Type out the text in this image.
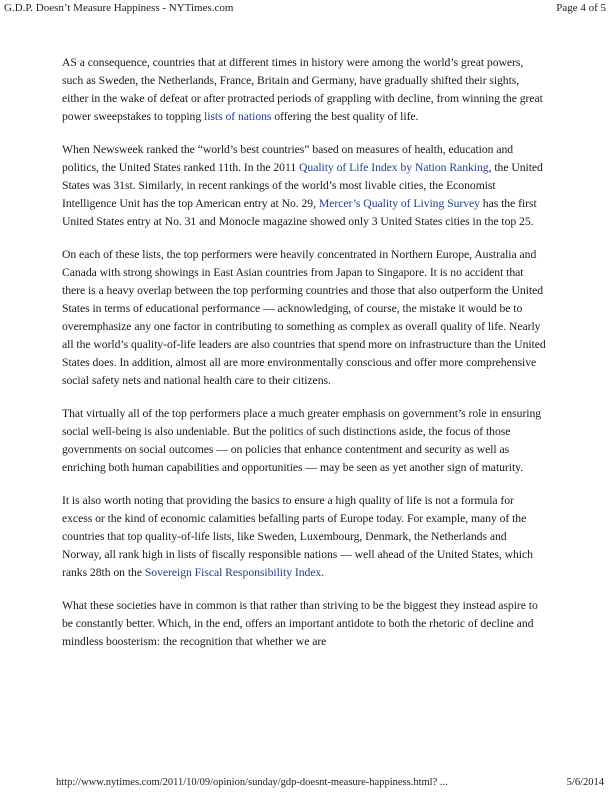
G.D.P. Doesn’t Measure Happiness - NYTimes.com	Page 4 of 5

AS a consequence, countries that at different times in history were among the world’s great powers, such as Sweden, the Netherlands, France, Britain and Germany, have gradually shifted their sights, either in the wake of defeat or after protracted periods of grappling with decline, from winning the great power sweepstakes to topping lists of nations offering the best quality of life.

When Newsweek ranked the “world’s best countries” based on measures of health, education and politics, the United States ranked 11th. In the 2011 Quality of Life Index by Nation Ranking, the United States was 31st. Similarly, in recent rankings of the world’s most livable cities, the Economist Intelligence Unit has the top American entry at No. 29, Mercer’s Quality of Living Survey has the first United States entry at No. 31 and Monocle magazine showed only 3 United States cities in the top 25.

On each of these lists, the top performers were heavily concentrated in Northern Europe, Australia and Canada with strong showings in East Asian countries from Japan to Singapore. It is no accident that there is a heavy overlap between the top performing countries and those that also outperform the United States in terms of educational performance — acknowledging, of course, the mistake it would be to overemphasize any one factor in contributing to something as complex as overall quality of life. Nearly all the world’s quality-of-life leaders are also countries that spend more on infrastructure than the United States does. In addition, almost all are more environmentally conscious and offer more comprehensive social safety nets and national health care to their citizens.

That virtually all of the top performers place a much greater emphasis on government’s role in ensuring social well-being is also undeniable. But the politics of such distinctions aside, the focus of those governments on social outcomes — on policies that enhance contentment and security as well as enriching both human capabilities and opportunities — may be seen as yet another sign of maturity.

It is also worth noting that providing the basics to ensure a high quality of life is not a formula for excess or the kind of economic calamities befalling parts of Europe today. For example, many of the countries that top quality-of-life lists, like Sweden, Luxembourg, Denmark, the Netherlands and Norway, all rank high in lists of fiscally responsible nations — well ahead of the United States, which ranks 28th on the Sovereign Fiscal Responsibility Index.

What these societies have in common is that rather than striving to be the biggest they instead aspire to be constantly better. Which, in the end, offers an important antidote to both the rhetoric of decline and mindless boosterism: the recognition that whether we are

http://www.nytimes.com/2011/10/09/opinion/sunday/gdp-doesnt-measure-happiness.html? ...	5/6/2014
